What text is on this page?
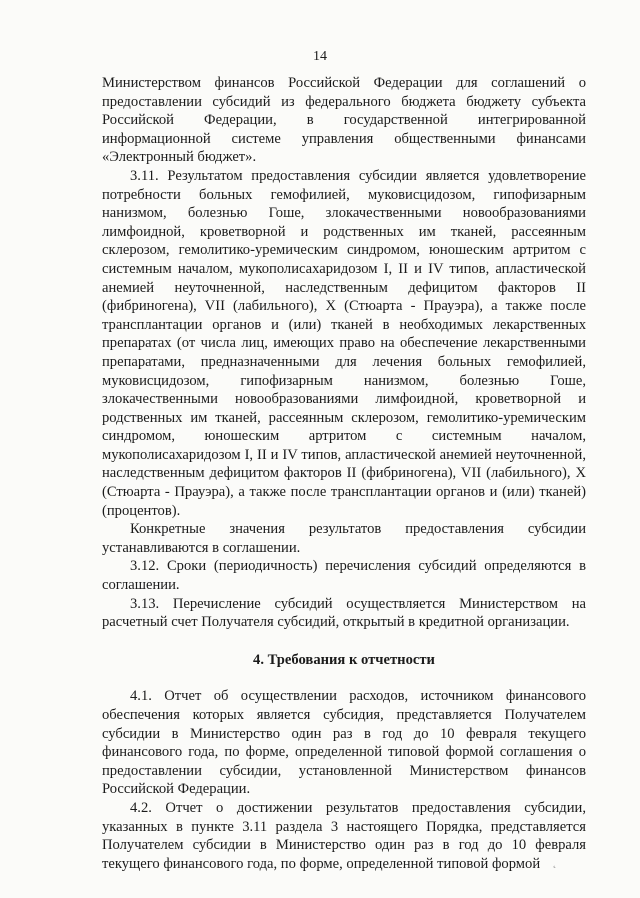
14

Министерством финансов Российской Федерации для соглашений о предоставлении субсидий из федерального бюджета бюджету субъекта Российской Федерации, в государственной интегрированной информационной системе управления общественными финансами «Электронный бюджет».

3.11. Результатом предоставления субсидии является удовлетворение потребности больных гемофилией, муковисцидозом, гипофизарным нанизмом, болезнью Гоше, злокачественными новообразованиями лимфоидной, кроветворной и родственных им тканей, рассеянным склерозом, гемолитико-уремическим синдромом, юношеским артритом с системным началом, мукополисахаридозом I, II и IV типов, апластической анемией неуточненной, наследственным дефицитом факторов II (фибриногена), VII (лабильного), X (Стюарта - Прауэра), а также после трансплантации органов и (или) тканей в необходимых лекарственных препаратах (от числа лиц, имеющих право на обеспечение лекарственными препаратами, предназначенными для лечения больных гемофилией, муковисцидозом, гипофизарным нанизмом, болезнью Гоше, злокачественными новообразованиями лимфоидной, кроветворной и родственных им тканей, рассеянным склерозом, гемолитико-уремическим синдромом, юношеским артритом с системным началом, мукополисахаридозом I, II и IV типов, апластической анемией неуточненной, наследственным дефицитом факторов II (фибриногена), VII (лабильного), X (Стюарта - Прауэра), а также после трансплантации органов и (или) тканей) (процентов).

Конкретные значения результатов предоставления субсидии устанавливаются в соглашении.

3.12. Сроки (периодичность) перечисления субсидий определяются в соглашении.

3.13. Перечисление субсидий осуществляется Министерством на расчетный счет Получателя субсидий, открытый в кредитной организации.

4. Требования к отчетности

4.1. Отчет об осуществлении расходов, источником финансового обеспечения которых является субсидия, представляется Получателем субсидии в Министерство один раз в год до 10 февраля текущего финансового года, по форме, определенной типовой формой соглашения о предоставлении субсидии, установленной Министерством финансов Российской Федерации.

4.2. Отчет о достижении результатов предоставления субсидии, указанных в пункте 3.11 раздела 3 настоящего Порядка, представляется Получателем субсидии в Министерство один раз в год до 10 февраля текущего финансового года, по форме, определенной типовой формой	˛
